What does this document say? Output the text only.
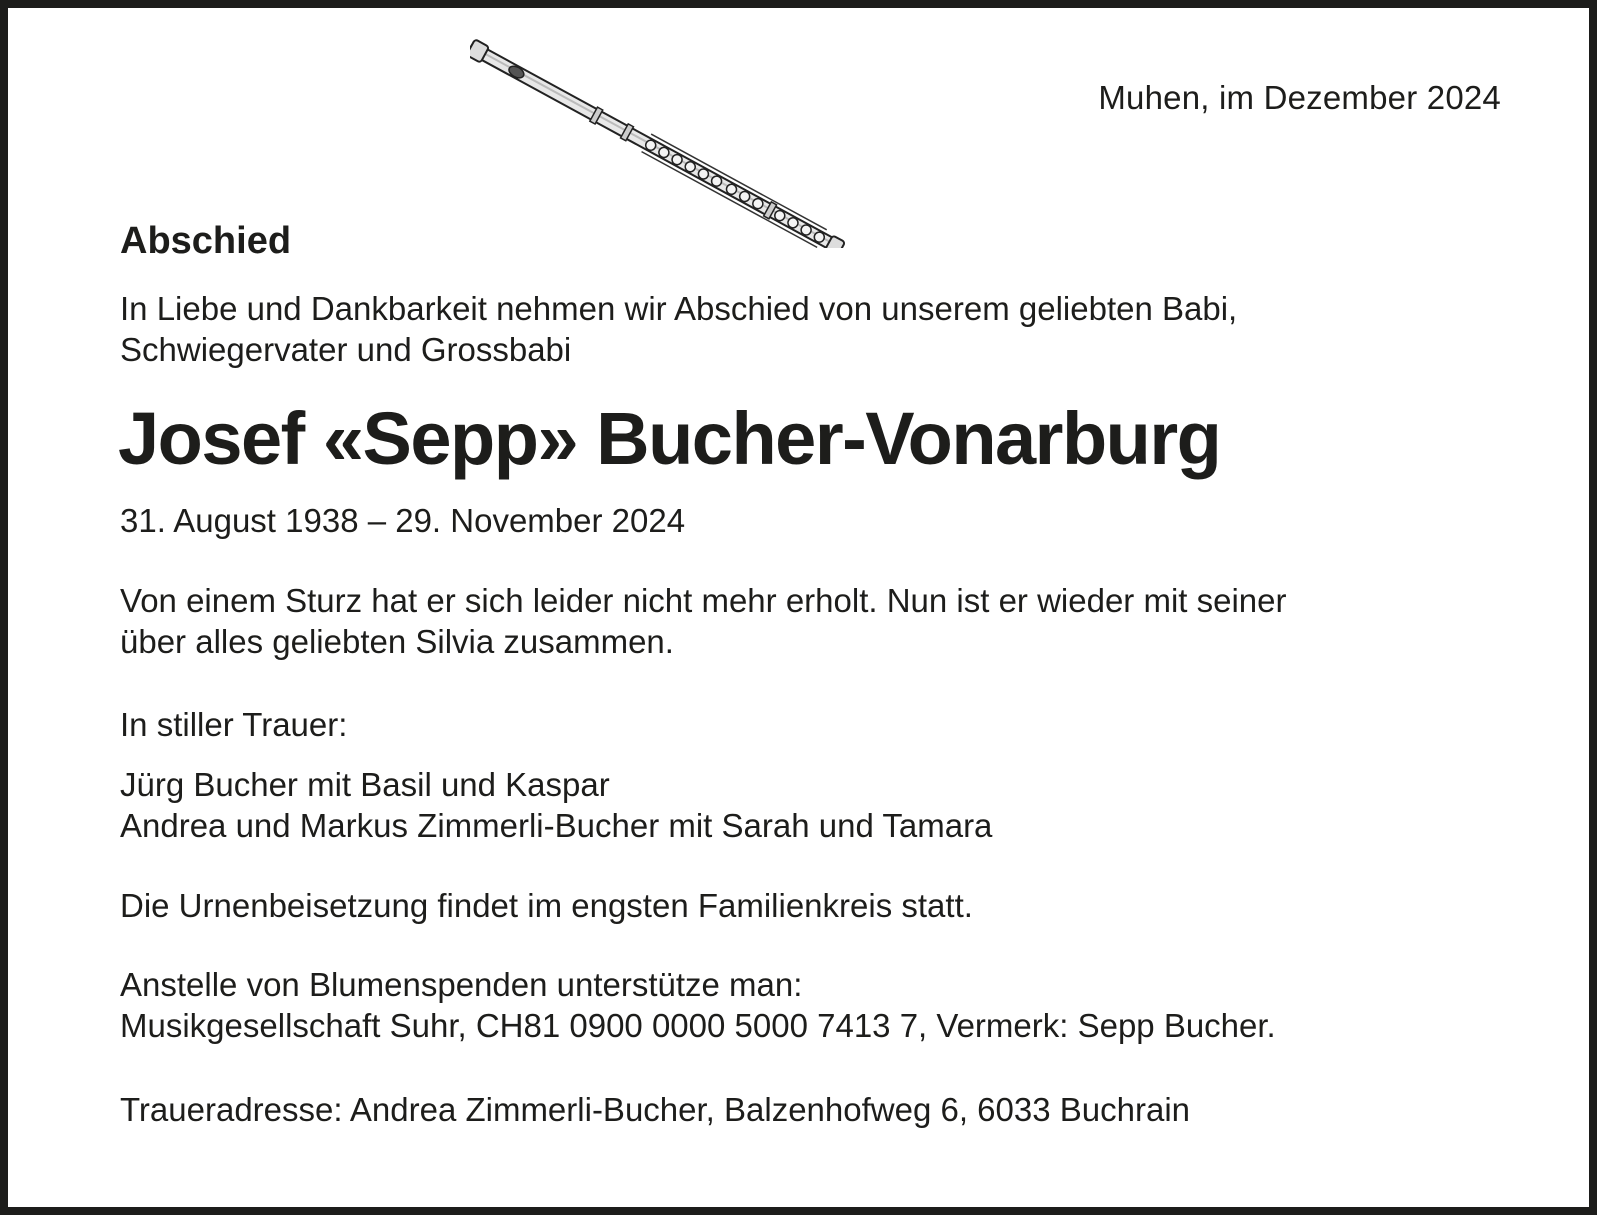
Muhen, im Dezember 2024
Abschied
In Liebe und Dankbarkeit nehmen wir Abschied von unserem geliebten Babi,
Schwiegervater und Grossbabi
Josef «Sepp» Bucher-Vonarburg
31. August 1938 – 29. November 2024
Von einem Sturz hat er sich leider nicht mehr erholt. Nun ist er wieder mit seiner
über alles geliebten Silvia zusammen.
In stiller Trauer:
Jürg Bucher mit Basil und Kaspar
Andrea und Markus Zimmerli-Bucher mit Sarah und Tamara
Die Urnenbeisetzung findet im engsten Familienkreis statt.
Anstelle von Blumenspenden unterstütze man:
Musikgesellschaft Suhr, CH81 0900 0000 5000 7413 7, Vermerk: Sepp Bucher.
Traueradresse: Andrea Zimmerli-Bucher, Balzenhofweg 6, 6033 Buchrain
